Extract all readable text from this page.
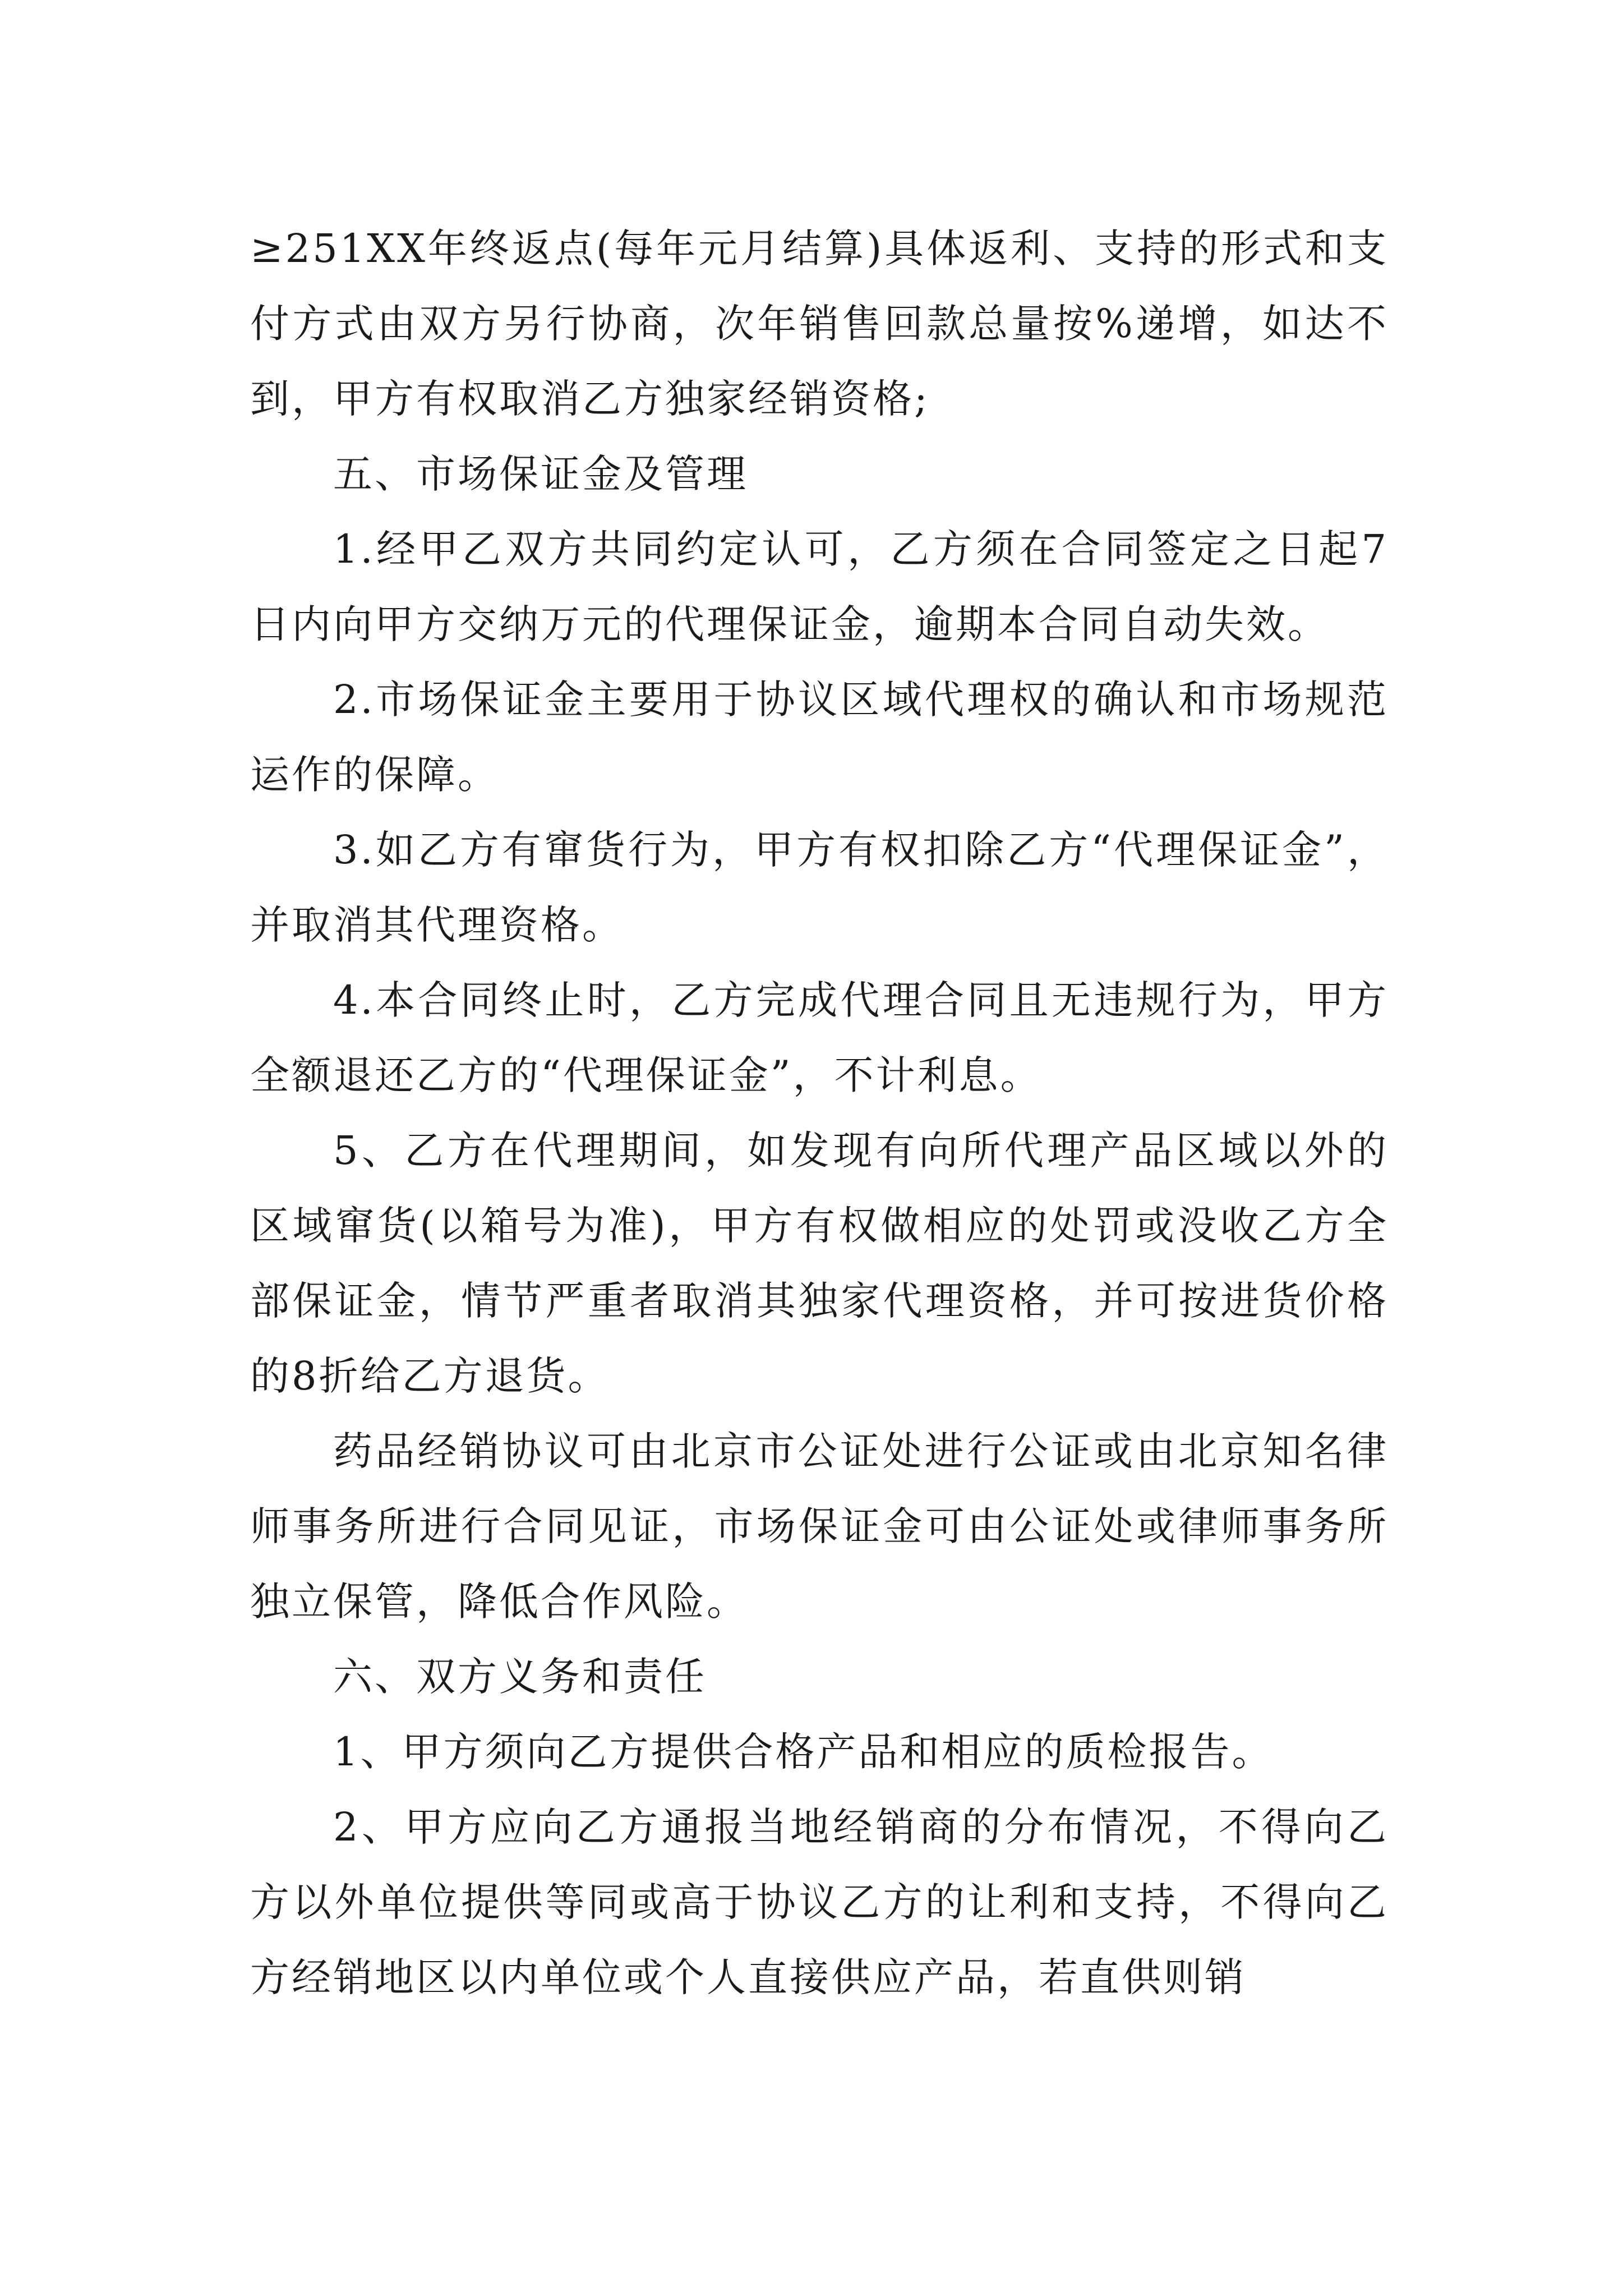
≥251XX年终返点(每年元月结算)具体返利、支持的形式和支付方式由双方另行协商，次年销售回款总量按%递增，如达不到，甲方有权取消乙方独家经销资格;

五、市场保证金及管理

1.经甲乙双方共同约定认可，乙方须在合同签定之日起7日内向甲方交纳万元的代理保证金，逾期本合同自动失效。

2.市场保证金主要用于协议区域代理权的确认和市场规范运作的保障。

3.如乙方有窜货行为，甲方有权扣除乙方“代理保证金”，并取消其代理资格。

4.本合同终止时，乙方完成代理合同且无违规行为，甲方全额退还乙方的“代理保证金”，不计利息。

5、乙方在代理期间，如发现有向所代理产品区域以外的区域窜货(以箱号为准)，甲方有权做相应的处罚或没收乙方全部保证金，情节严重者取消其独家代理资格，并可按进货价格的8折给乙方退货。

药品经销协议可由北京市公证处进行公证或由北京知名律师事务所进行合同见证，市场保证金可由公证处或律师事务所独立保管，降低合作风险。

六、双方义务和责任

1、甲方须向乙方提供合格产品和相应的质检报告。

2、甲方应向乙方通报当地经销商的分布情况，不得向乙方以外单位提供等同或高于协议乙方的让利和支持，不得向乙方经销地区以内单位或个人直接供应产品，若直供则销
